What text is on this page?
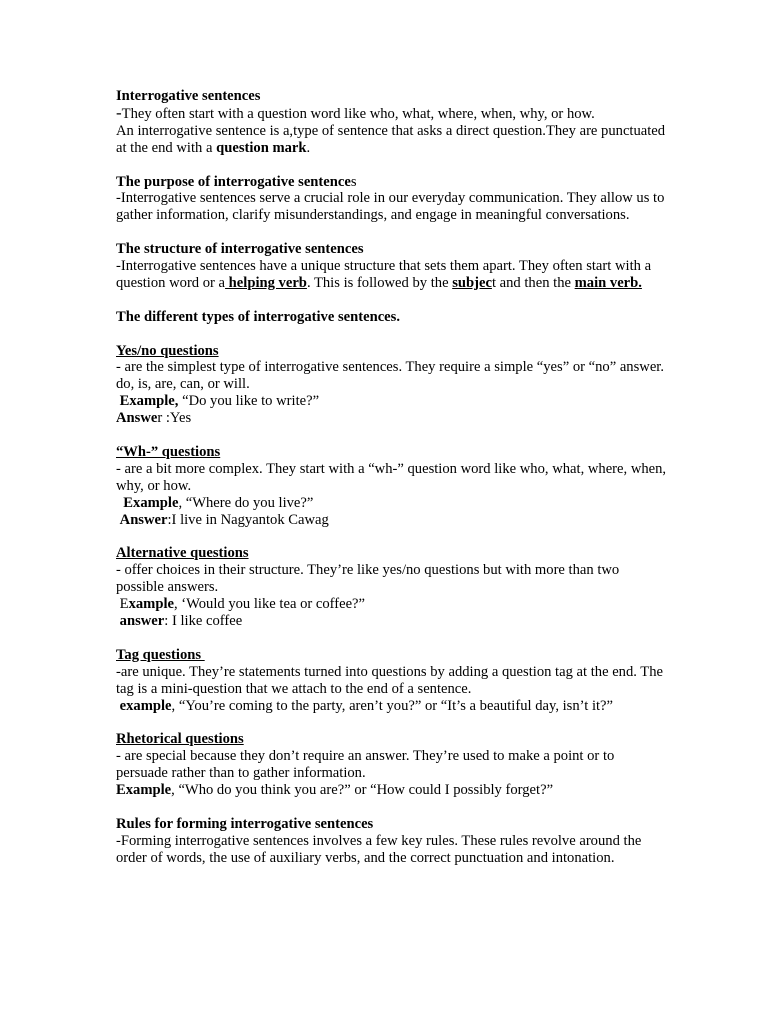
Interrogative sentences

-They often start with a question word like who, what, where, when, why, or how.

An interrogative sentence is a,type of sentence that asks a direct question.They are punctuated at the end with a question mark.

The purpose of interrogative sentences

-Interrogative sentences serve a crucial role in our everyday communication. They allow us to gather information, clarify misunderstandings, and engage in meaningful conversations.

The structure of interrogative sentences

-Interrogative sentences have a unique structure that sets them apart. They often start with a question word or a helping verb. This is followed by the subject and then the main verb.

The different types of interrogative sentences.

Yes/no questions

- are the simplest type of interrogative sentences. They require a simple “yes” or “no” answer. do, is, are, can, or will.

Example, “Do you like to write?”

Answer :Yes

“Wh-” questions

- are a bit more complex. They start with a “wh-” question word like who, what, where, when, why, or how.

Example, “Where do you live?”

Answer:I live in Nagyantok Cawag

Alternative questions

- offer choices in their structure. They’re like yes/no questions but with more than two possible answers.

Example, ‘Would you like tea or coffee?”

answer: I like coffee

Tag questions

-are unique. They’re statements turned into questions by adding a question tag at the end. The tag is a mini-question that we attach to the end of a sentence.

example, “You’re coming to the party, aren’t you?” or “It’s a beautiful day, isn’t it?”

Rhetorical questions

- are special because they don’t require an answer. They’re used to make a point or to persuade rather than to gather information.

Example, “Who do you think you are?” or “How could I possibly forget?”

Rules for forming interrogative sentences

-Forming interrogative sentences involves a few key rules. These rules revolve around the order of words, the use of auxiliary verbs, and the correct punctuation and intonation.
